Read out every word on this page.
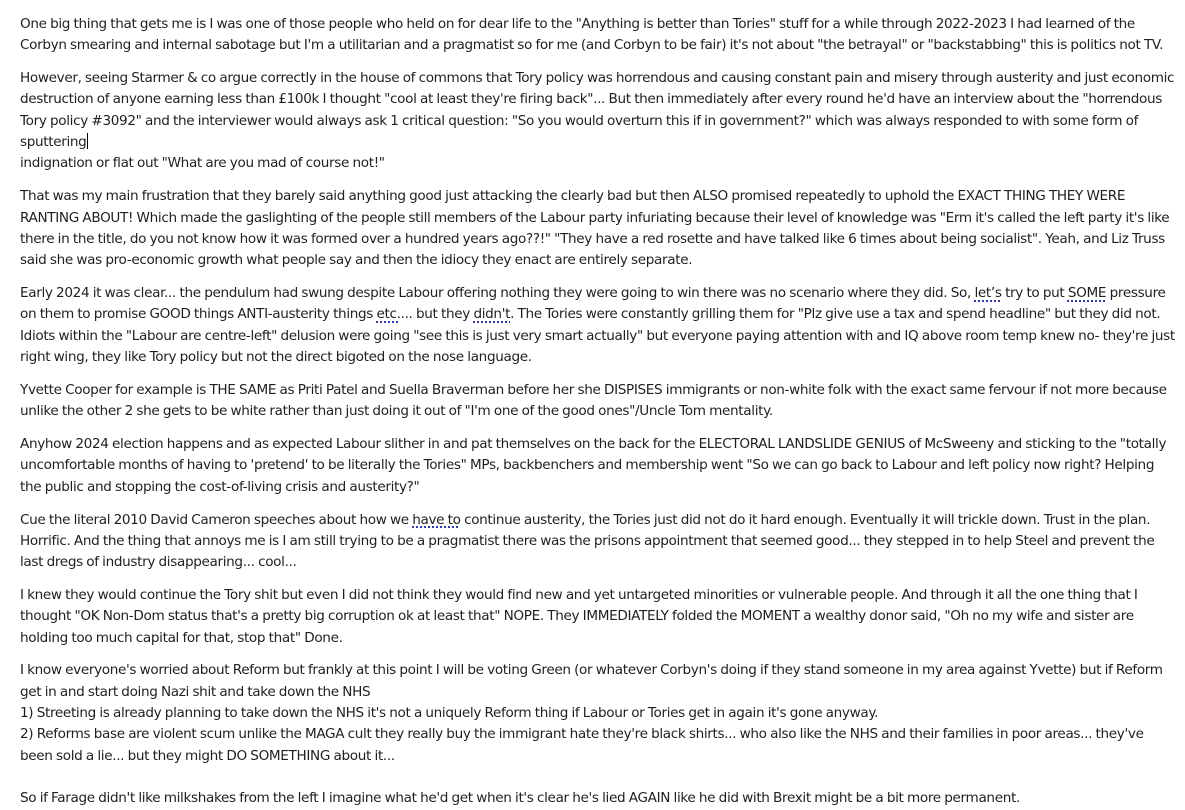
One big thing that gets me is I was one of those people who held on for dear life to the "Anything is better than Tories" stuff for a while through 2022-2023 I had learned of the Corbyn smearing and internal sabotage but I'm a utilitarian and a pragmatist so for me (and Corbyn to be fair) it's not about "the betrayal" or "backstabbing" this is politics not TV.

However, seeing Starmer & co argue correctly in the house of commons that Tory policy was horrendous and causing constant pain and misery through austerity and just economic destruction of anyone earning less than £100k I thought "cool at least they're firing back"... But then immediately after every round he'd have an interview about the "horrendous Tory policy #3092" and the interviewer would always ask 1 critical question: "So you would overturn this if in government?" which was always responded to with some form of sputtering
indignation or flat out "What are you mad of course not!"

That was my main frustration that they barely said anything good just attacking the clearly bad but then ALSO promised repeatedly to uphold the EXACT THING THEY WERE RANTING ABOUT! Which made the gaslighting of the people still members of the Labour party infuriating because their level of knowledge was "Erm it's called the left party it's like there in the title, do you not know how it was formed over a hundred years ago??!" "They have a red rosette and have talked like 6 times about being socialist". Yeah, and Liz Truss said she was pro-economic growth what people say and then the idiocy they enact are entirely separate.

Early 2024 it was clear... the pendulum had swung despite Labour offering nothing they were going to win there was no scenario where they did. So, let’s try to put SOME pressure on them to promise GOOD things ANTI-austerity things etc.... but they didn't. The Tories were constantly grilling them for "Plz give use a tax and spend headline" but they did not. Idiots within the "Labour are centre-left" delusion were going "see this is just very smart actually" but everyone paying attention with and IQ above room temp knew no- they're just right wing, they like Tory policy but not the direct bigoted on the nose language.

Yvette Cooper for example is THE SAME as Priti Patel and Suella Braverman before her she DISPISES immigrants or non-white folk with the exact same fervour if not more because unlike the other 2 she gets to be white rather than just doing it out of "I'm one of the good ones"/Uncle Tom mentality.

Anyhow 2024 election happens and as expected Labour slither in and pat themselves on the back for the ELECTORAL LANDSLIDE GENIUS of McSweeny and sticking to the "totally uncomfortable months of having to 'pretend' to be literally the Tories" MPs, backbenchers and membership went "So we can go back to Labour and left policy now right? Helping the public and stopping the cost-of-living crisis and austerity?"

Cue the literal 2010 David Cameron speeches about how we have to continue austerity, the Tories just did not do it hard enough. Eventually it will trickle down. Trust in the plan. Horrific. And the thing that annoys me is I am still trying to be a pragmatist there was the prisons appointment that seemed good... they stepped in to help Steel and prevent the last dregs of industry disappearing... cool...

I knew they would continue the Tory shit but even I did not think they would find new and yet untargeted minorities or vulnerable people. And through it all the one thing that I thought "OK Non-Dom status that's a pretty big corruption ok at least that" NOPE. They IMMEDIATELY folded the MOMENT a wealthy donor said, "Oh no my wife and sister are holding too much capital for that, stop that" Done.

I know everyone's worried about Reform but frankly at this point I will be voting Green (or whatever Corbyn's doing if they stand someone in my area against Yvette) but if Reform get in and start doing Nazi shit and take down the NHS
1) Streeting is already planning to take down the NHS it's not a uniquely Reform thing if Labour or Tories get in again it's gone anyway.
2) Reforms base are violent scum unlike the MAGA cult they really buy the immigrant hate they're black shirts... who also like the NHS and their families in poor areas... they've been sold a lie... but they might DO SOMETHING about it...

So if Farage didn't like milkshakes from the left I imagine what he'd get when it's clear he's lied AGAIN like he did with Brexit might be a bit more permanent.
